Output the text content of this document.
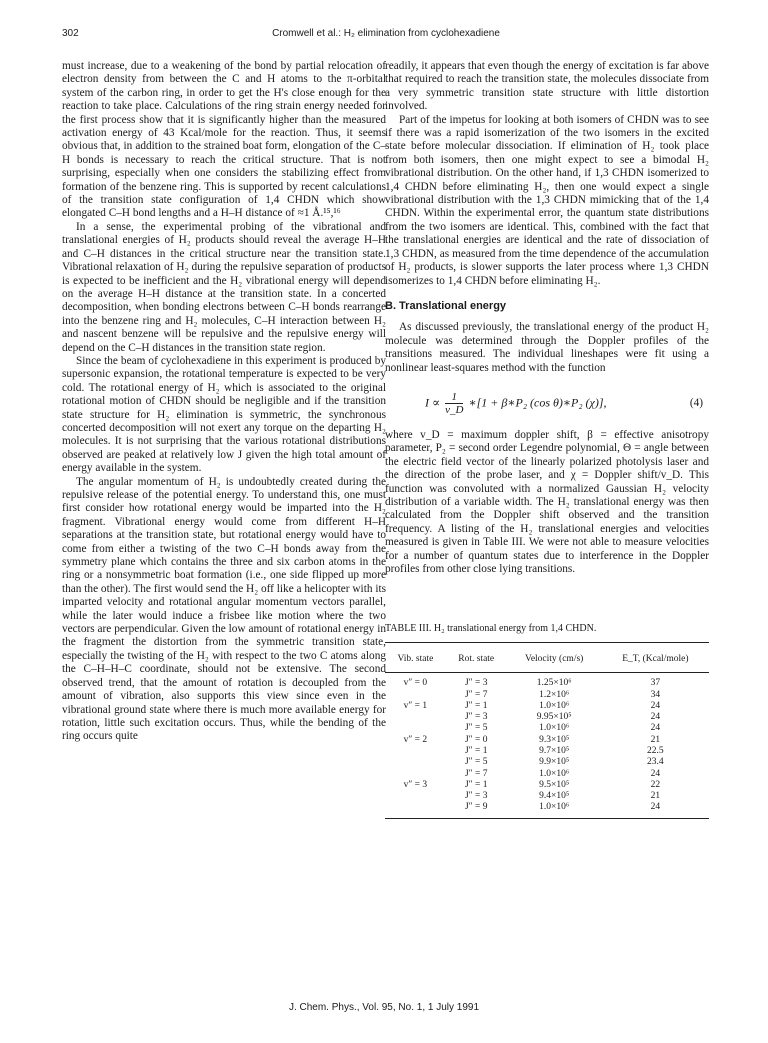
302	Cromwell et al.: H₂ elimination from cyclohexadiene

must increase, due to a weakening of the bond by partial relocation of electron density from between the C and H atoms to the π-orbital system of the carbon ring, in order to get the H's close enough for the reaction to take place. Calculations of the ring strain energy needed for the first process show that it is significantly higher than the measured activation energy of 43 Kcal/mole for the reaction. Thus, it seems obvious that, in addition to the strained boat form, elongation of the C–H bonds is necessary to reach the critical structure. That is not surprising, especially when one considers the stabilizing effect from formation of the benzene ring. This is supported by recent calculations of the transition state configuration of 1,4 CHDN which show elongated C–H bond lengths and a H–H distance of ≈1 Å.¹⁵,¹⁶

In a sense, the experimental probing of the vibrational and translational energies of H₂ products should reveal the average H–H and C–H distances in the critical structure near the transition state. Vibrational relaxation of H₂ during the repulsive separation of products is expected to be inefficient and the H₂ vibrational energy will depend on the average H–H distance at the transition state. In a concerted decomposition, when bonding electrons between C–H bonds rearrange into the benzene ring and H₂ molecules, C–H interaction between H₂ and nascent benzene will be repulsive and the repulsive energy will depend on the C–H distances in the transition state region.

Since the beam of cyclohexadiene in this experiment is produced by supersonic expansion, the rotational temperature is expected to be very cold. The rotational energy of H₂ which is associated to the original rotational motion of CHDN should be negligible and if the transition state structure for H₂ elimination is symmetric, the synchronous concerted decomposition will not exert any torque on the departing H₂ molecules. It is not surprising that the various rotational distributions observed are peaked at relatively low J given the high total amount of energy available in the system.

The angular momentum of H₂ is undoubtedly created during the repulsive release of the potential energy. To understand this, one must first consider how rotational energy would be imparted into the H₂ fragment. Vibrational energy would come from different H–H separations at the transition state, but rotational energy would have to come from either a twisting of the two C–H bonds away from the symmetry plane which contains the three and six carbon atoms in the ring or a nonsymmetric boat formation (i.e., one side flipped up more than the other). The first would send the H₂ off like a helicopter with its imparted velocity and rotational angular momentum vectors parallel, while the later would induce a frisbee like motion where the two vectors are perpendicular. Given the low amount of rotational energy in the fragment the distortion from the symmetric transition state, especially the twisting of the H₂ with respect to the two C atoms along the C–H–H–C coordinate, should not be extensive. The second observed trend, that the amount of rotation is decoupled from the amount of vibration, also supports this view since even in the vibrational ground state where there is much more available energy for rotation, little such excitation occurs. Thus, while the bending of the ring occurs quite

readily, it appears that even though the energy of excitation is far above that required to reach the transition state, the molecules dissociate from a very symmetric transition state structure with little distortion involved.

Part of the impetus for looking at both isomers of CHDN was to see if there was a rapid isomerization of the two isomers in the excited state before molecular dissociation. If elimination of H₂ took place from both isomers, then one might expect to see a bimodal H₂ vibrational distribution. On the other hand, if 1,3 CHDN isomerized to 1,4 CHDN before eliminating H₂, then one would expect a single vibrational distribution with the 1,3 CHDN mimicking that of the 1,4 CHDN. Within the experimental error, the quantum state distributions from the two isomers are identical. This, combined with the fact that the translational energies are identical and the rate of dissociation of 1,3 CHDN, as measured from the time dependence of the accumulation of H₂ products, is slower supports the later process where 1,3 CHDN isomerizes to 1,4 CHDN before eliminating H₂.

B. Translational energy

As discussed previously, the translational energy of the product H₂ molecule was determined through the Doppler profiles of the transitions measured. The individual lineshapes were fit using a nonlinear least-squares method with the function

$I \propto \frac{1}{v\_D}$ ∗[1 + β∗P₂ (cos θ)∗P₂ (χ)],	(4)

where v_D = maximum doppler shift, β = effective anisotropy parameter, P₂ = second order Legendre polynomial, Θ = angle between the electric field vector of the linearly polarized photolysis laser and the direction of the probe laser, and χ = Doppler shift/v_D. This function was convoluted with a normalized Gaussian H₂ velocity distribution of a variable width. The H₂ translational energy was then calculated from the Doppler shift observed and the transition frequency. A listing of the H₂ translational energies and velocities measured is given in Table III. We were not able to measure velocities for a number of quantum states due to interference in the Doppler profiles from other close lying transitions.

TABLE III. H₂ translational energy from 1,4 CHDN.
Vib. state	Rot. state	Velocity (cm/s)	E_T, (Kcal/mole)
v″ = 0	J″ = 3	1.25×10⁶	37
	J″ = 7	1.2×10⁶	34
v″ = 1	J″ = 1	1.0×10⁶	24
	J″ = 3	9.95×10⁵	24
	J″ = 5	1.0×10⁶	24
v″ = 2	J″ = 0	9.3×10⁵	21
	J″ = 1	9.7×10⁵	22.5
	J″ = 5	9.9×10⁵	23.4
	J″ = 7	1.0×10⁶	24
v″ = 3	J″ = 1	9.5×10⁵	22
	J″ = 3	9.4×10⁵	21
	J″ = 9	1.0×10⁶	24
J. Chem. Phys., Vol. 95, No. 1, 1 July 1991
